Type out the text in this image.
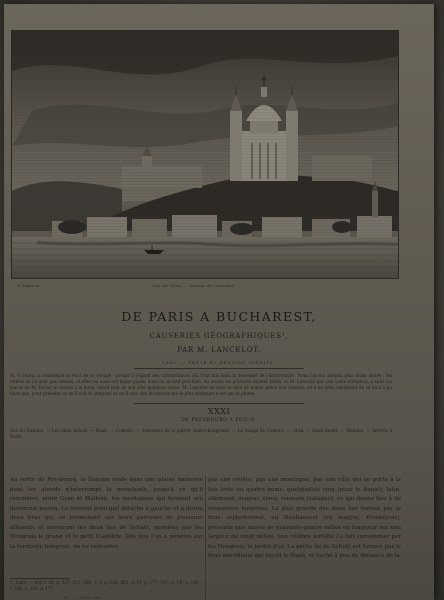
P. Lafon sc.	Vue de Gran. — Dessin de Lancelot.
DE PARIS A BUCHAREST,
CAUSERIES GÉOGRAPHIQUES¹,
PAR M. LANCELOT.
1860. — TEXTE ET DESSINS INÉDITS.
M. V. Duruy a commencé le récit de ce voyage ; pressé à l'égard des circonstances qui l'ont mis dans la nécessité de l'interrompre. Nous l'avons attendu plus d'une année ; les lettres ne lui sont pas venues, et elles ne nous ont laissé parler dans ce second prochain. Au moins les gravures étaient faites, et M. Lancelot qui, par votre invitation, a suivi les traces de M. Duruy, le trouva à la main, tenait prêt de son côté quelques notes. M. Lancelot lie donc le titre de bonne grâce aux courses, où il ne gêne sentiment de ce qu'il a pu faire que, pour présider ce qu'il voit et analyser ce qu'il sait, des inconnues qui le plus ordinaire n'est pas le plume.
XXXI
DE PRESBOURG A PESTH.
Vue du Danube. — Les deux Schutt. — Raab. — Comorn. — Souvenirs de la guerre austro-hongroise. — Le visage de Comorn. — Gran. — Saint-André. — Waitzen. — Arrivée à Pesth.

Au sortir de Presbourg, le Danube roule dans une plaine immense dont les abords n'interrompt la monotonie, jusqu'à ce qu'il rencontre, entre Gran et Waitzen, les montagnes qui forment son deuxième bassin. Le courant principal détache à gauche et à droite deux bras qui, se promenant sur leurs parcours de plusieurs affluents et enserrent les deux îles de Schutt, appelées par les Hongrois le grand et le petit Csalóköz. Dès que l'on a pénétré sur la territoire hongrois, on ne rencontre

pas une rivière, pas une montagne, pas une ville qui ne porte à la fois trois ou quatre noms, quelquefois cinq (pour le Banat), latin, allemand, magyar, slave, roumain (valaque), ce qui donne lieu à de fréquentes méprises. La plus grande des deux îles formée par le bras septentrional, ou Neuhaeusel (en magyar, Ersekújvár), présente une masse de quarante-quatre milles en longueur sur une largeur de vingt milles. Son célèbre fertilité l'a fait surnommer par les Hongrois, le jardin d'or. La petite île de Schutt est formée par le bras méridional qui reçoit le Raab, et cache à peu de distance de la

1. Suite. — Voy. t. III, p. 337, 353, 369 ; t. V, p. 129, 385 ; t. VI, p. 177, 193 ; t. VII, p. 145 ; t. VIII, p. 161 et 177.
XI. — 260e liv.
